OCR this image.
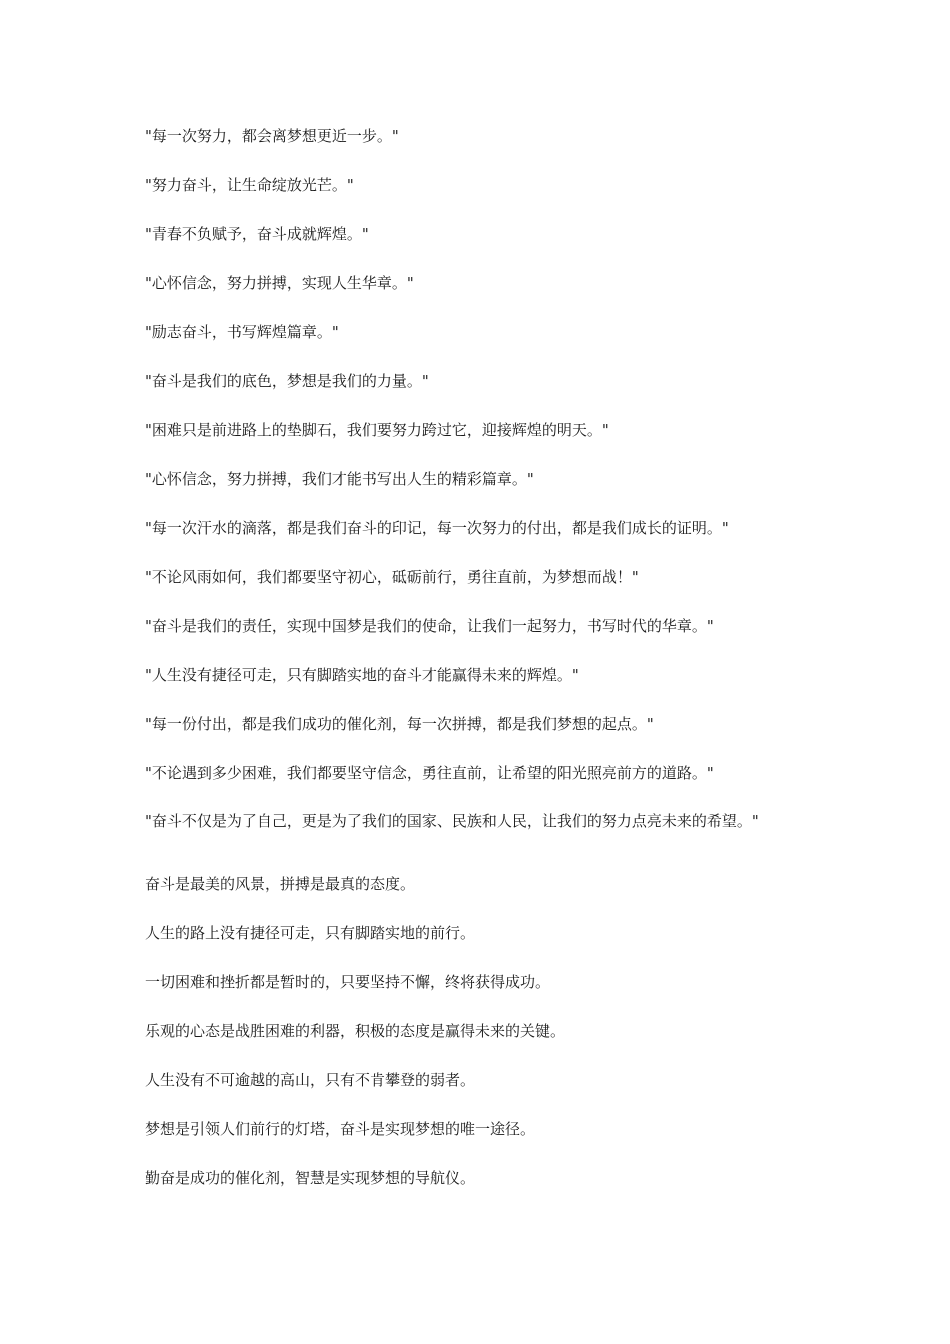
"每一次努力，都会离梦想更近一步。"

"努力奋斗，让生命绽放光芒。"

"青春不负赋予，奋斗成就辉煌。"

"心怀信念，努力拼搏，实现人生华章。"

"励志奋斗，书写辉煌篇章。"

"奋斗是我们的底色，梦想是我们的力量。"

"困难只是前进路上的垫脚石，我们要努力跨过它，迎接辉煌的明天。"

"心怀信念，努力拼搏，我们才能书写出人生的精彩篇章。"

"每一次汗水的滴落，都是我们奋斗的印记，每一次努力的付出，都是我们成长的证明。"

"不论风雨如何，我们都要坚守初心，砥砺前行，勇往直前，为梦想而战！"

"奋斗是我们的责任，实现中国梦是我们的使命，让我们一起努力，书写时代的华章。"

"人生没有捷径可走，只有脚踏实地的奋斗才能赢得未来的辉煌。"

"每一份付出，都是我们成功的催化剂，每一次拼搏，都是我们梦想的起点。"

"不论遇到多少困难，我们都要坚守信念，勇往直前，让希望的阳光照亮前方的道路。"

"奋斗不仅是为了自己，更是为了我们的国家、民族和人民，让我们的努力点亮未来的希望。"

奋斗是最美的风景，拼搏是最真的态度。

人生的路上没有捷径可走，只有脚踏实地的前行。

一切困难和挫折都是暂时的，只要坚持不懈，终将获得成功。

乐观的心态是战胜困难的利器，积极的态度是赢得未来的关键。

人生没有不可逾越的高山，只有不肯攀登的弱者。

梦想是引领人们前行的灯塔，奋斗是实现梦想的唯一途径。

勤奋是成功的催化剂，智慧是实现梦想的导航仪。
